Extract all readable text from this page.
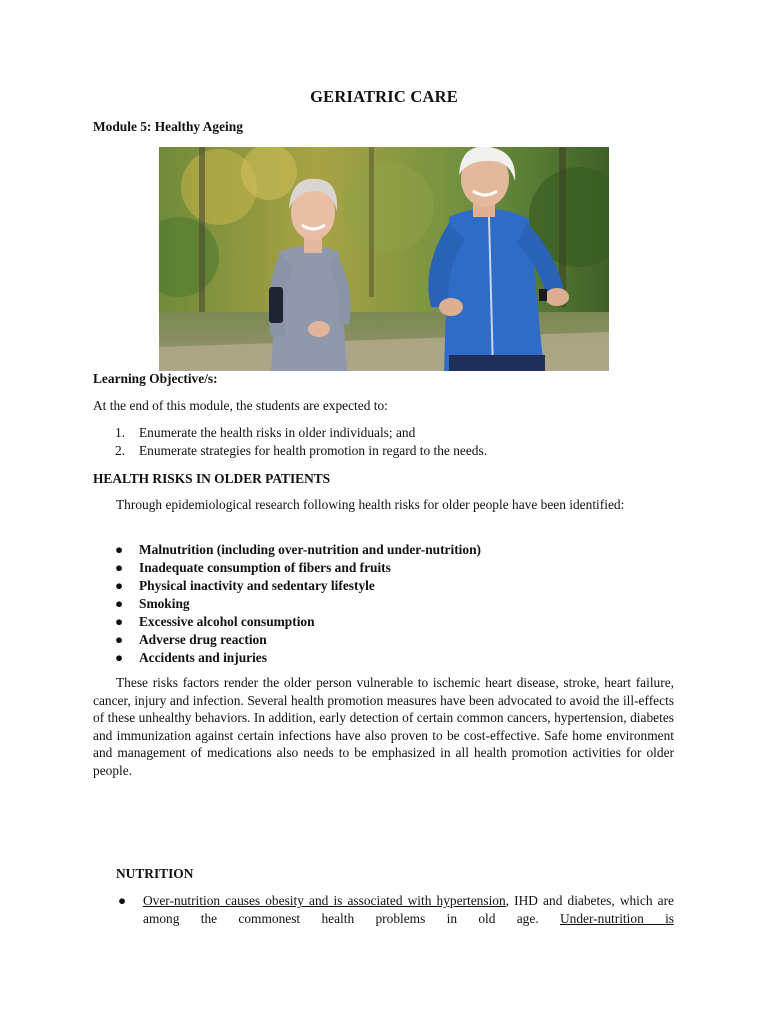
GERIATRIC CARE
Module 5: Healthy Ageing
Learning Objective/s:
At the end of this module, the students are expected to:
1. Enumerate the health risks in older individuals; and
2. Enumerate strategies for health promotion in regard to the needs.
HEALTH RISKS IN OLDER PATIENTS
Through epidemiological research following health risks for older people have been identified:
● Malnutrition (including over-nutrition and under-nutrition)
● Inadequate consumption of fibers and fruits
● Physical inactivity and sedentary lifestyle
● Smoking
● Excessive alcohol consumption
● Adverse drug reaction
● Accidents and injuries
These risks factors render the older person vulnerable to ischemic heart disease, stroke, heart failure, cancer, injury and infection. Several health promotion measures have been advocated to avoid the ill-effects of these unhealthy behaviors. In addition, early detection of certain common cancers, hypertension, diabetes and immunization against certain infections have also proven to be cost-effective. Safe home environment and management of medications also needs to be emphasized in all health promotion activities for older people.
NUTRITION
● Over-nutrition causes obesity and is associated with hypertension, IHD and diabetes, which are among the commonest health problems in old age. Under-nutrition is
